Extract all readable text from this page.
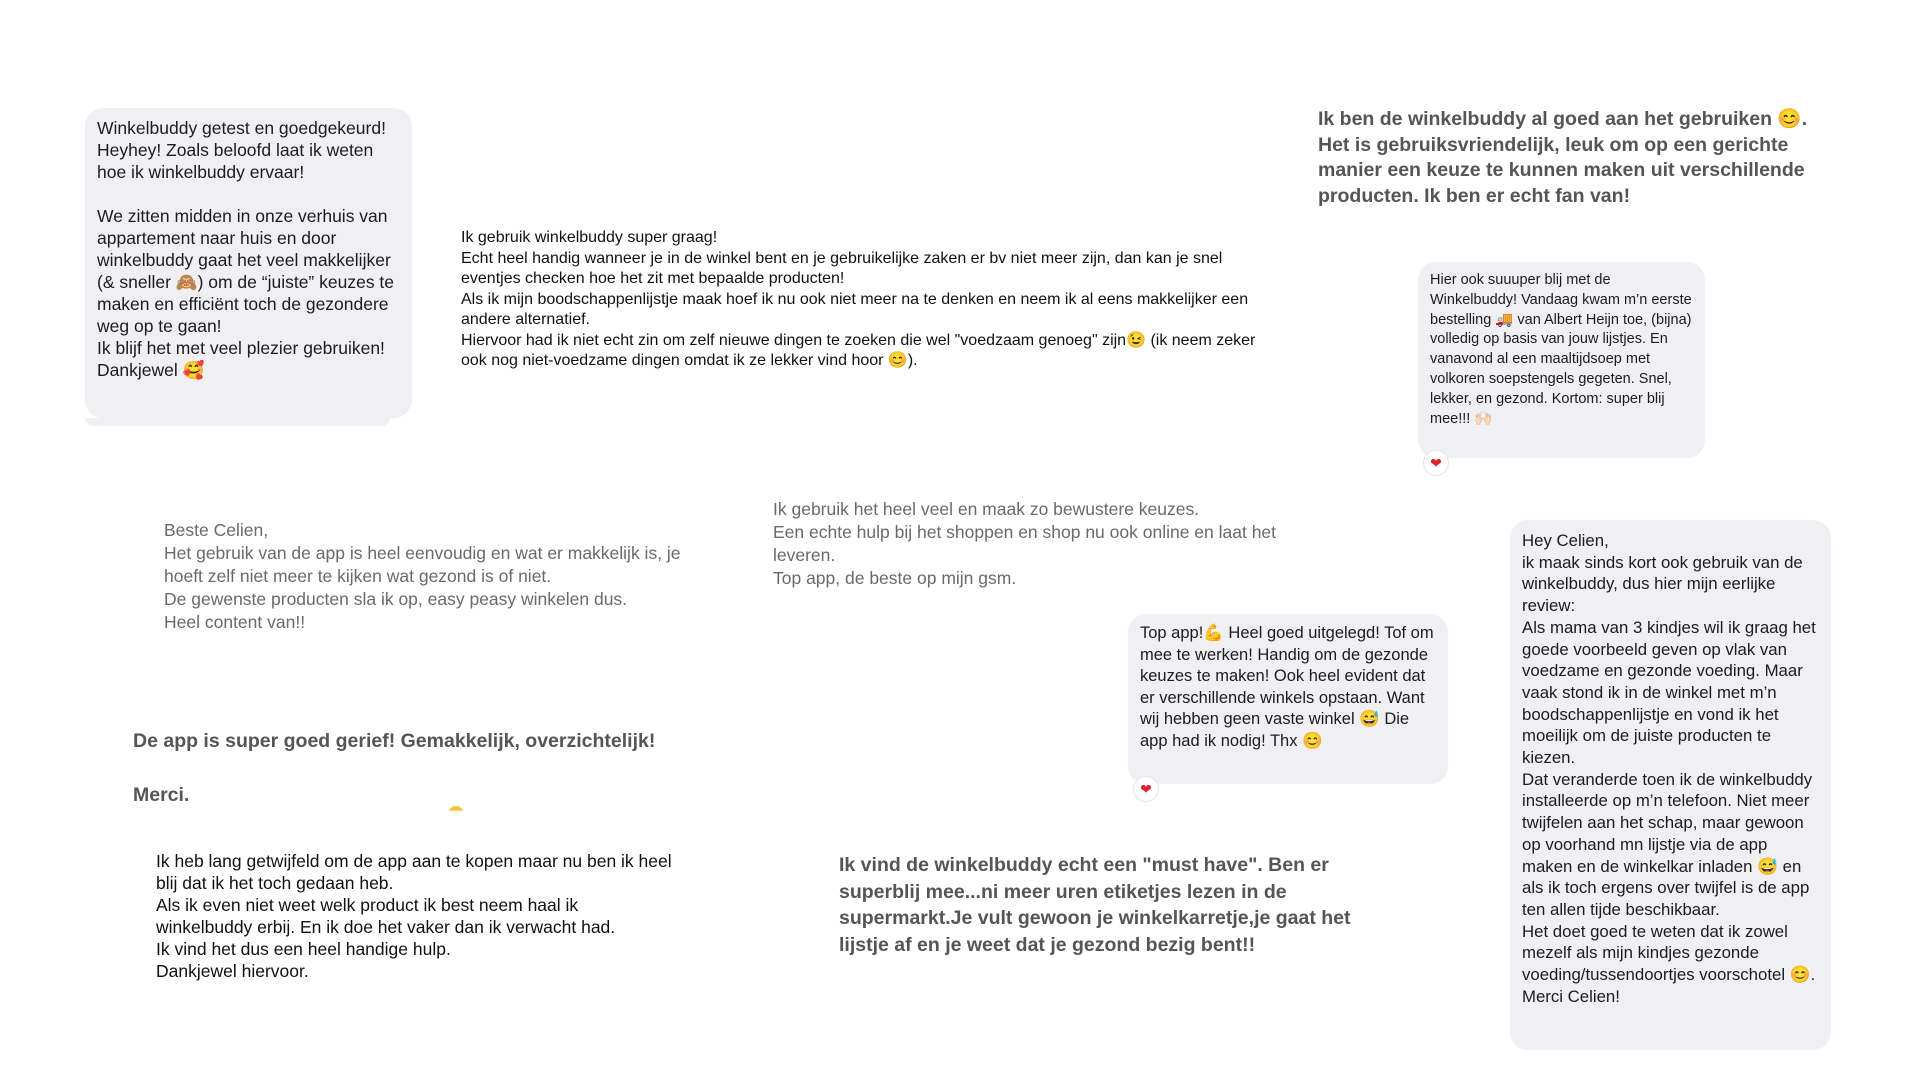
Winkelbuddy getest en goedgekeurd! Heyhey! Zoals beloofd laat ik weten hoe ik winkelbuddy ervaar!

We zitten midden in onze verhuis van appartement naar huis en door winkelbuddy gaat het veel makkelijker (& sneller 🙈) om de “juiste” keuzes te maken en efficiënt toch de gezondere weg op te gaan!
Ik blijf het met veel plezier gebruiken!
Dankjewel 🥰

Ik gebruik winkelbuddy super graag!
Echt heel handig wanneer je in de winkel bent en je gebruikelijke zaken er bv niet meer zijn, dan kan je snel eventjes checken hoe het zit met bepaalde producten!
Als ik mijn boodschappenlijstje maak hoef ik nu ook niet meer na te denken en neem ik al eens makkelijker een andere alternatief.
Hiervoor had ik niet echt zin om zelf nieuwe dingen te zoeken die wel "voedzaam genoeg" zijn😉 (ik neem zeker ook nog niet-voedzame dingen omdat ik ze lekker vind hoor 😊).

Ik ben de winkelbuddy al goed aan het gebruiken 😊. Het is gebruiksvriendelijk, leuk om op een gerichte manier een keuze te kunnen maken uit verschillende producten. Ik ben er echt fan van!

Hier ook suuuper blij met de Winkelbuddy! Vandaag kwam m’n eerste bestelling 🚚 van Albert Heijn toe, (bijna) volledig op basis van jouw lijstjes. En vanavond al een maaltijdsoep met volkoren soepstengels gegeten. Snel, lekker, en gezond. Kortom: super blij mee!!! 🙌🏻

❤

Beste Celien,
Het gebruik van de app is heel eenvoudig en wat er makkelijk is, je hoeft zelf niet meer te kijken wat gezond is of niet.
De gewenste producten sla ik op, easy peasy winkelen dus.
Heel content van!!

Ik gebruik het heel veel en maak zo bewustere keuzes.
Een echte hulp bij het shoppen en shop nu ook online en laat het leveren.
Top app, de beste op mijn gsm.

Top app!💪 Heel goed uitgelegd! Tof om mee te werken! Handig om de gezonde keuzes te maken! Ook heel evident dat er verschillende winkels opstaan. Want wij hebben geen vaste winkel 😅 Die app had ik nodig! Thx 😊

❤

Hey Celien,
ik maak sinds kort ook gebruik van de winkelbuddy, dus hier mijn eerlijke review:
Als mama van 3 kindjes wil ik graag het goede voorbeeld geven op vlak van voedzame en gezonde voeding. Maar vaak stond ik in de winkel met m’n boodschappenlijstje en vond ik het moeilijk om de juiste producten te kiezen.
Dat veranderde toen ik de winkelbuddy installeerde op m’n telefoon. Niet meer twijfelen aan het schap, maar gewoon op voorhand mn lijstje via de app maken en de winkelkar inladen 😅 en als ik toch ergens over twijfel is de app ten allen tijde beschikbaar.
Het doet goed te weten dat ik zowel mezelf als mijn kindjes gezonde voeding/tussendoortjes voorschotel 😊. Merci Celien!

De app is super goed gerief! Gemakkelijk, overzichtelijk!

Merci.

Ik heb lang getwijfeld om de app aan te kopen maar nu ben ik heel blij dat ik het toch gedaan heb.
Als ik even niet weet welk product ik best neem haal ik winkelbuddy erbij. En ik doe het vaker dan ik verwacht had.
Ik vind het dus een heel handige hulp.
Dankjewel hiervoor.

Ik vind de winkelbuddy echt een "must have". Ben er superblij mee...ni meer uren etiketjes lezen in de supermarkt.Je vult gewoon je winkelkarretje,je gaat het lijstje af en je weet dat je gezond bezig bent!!
